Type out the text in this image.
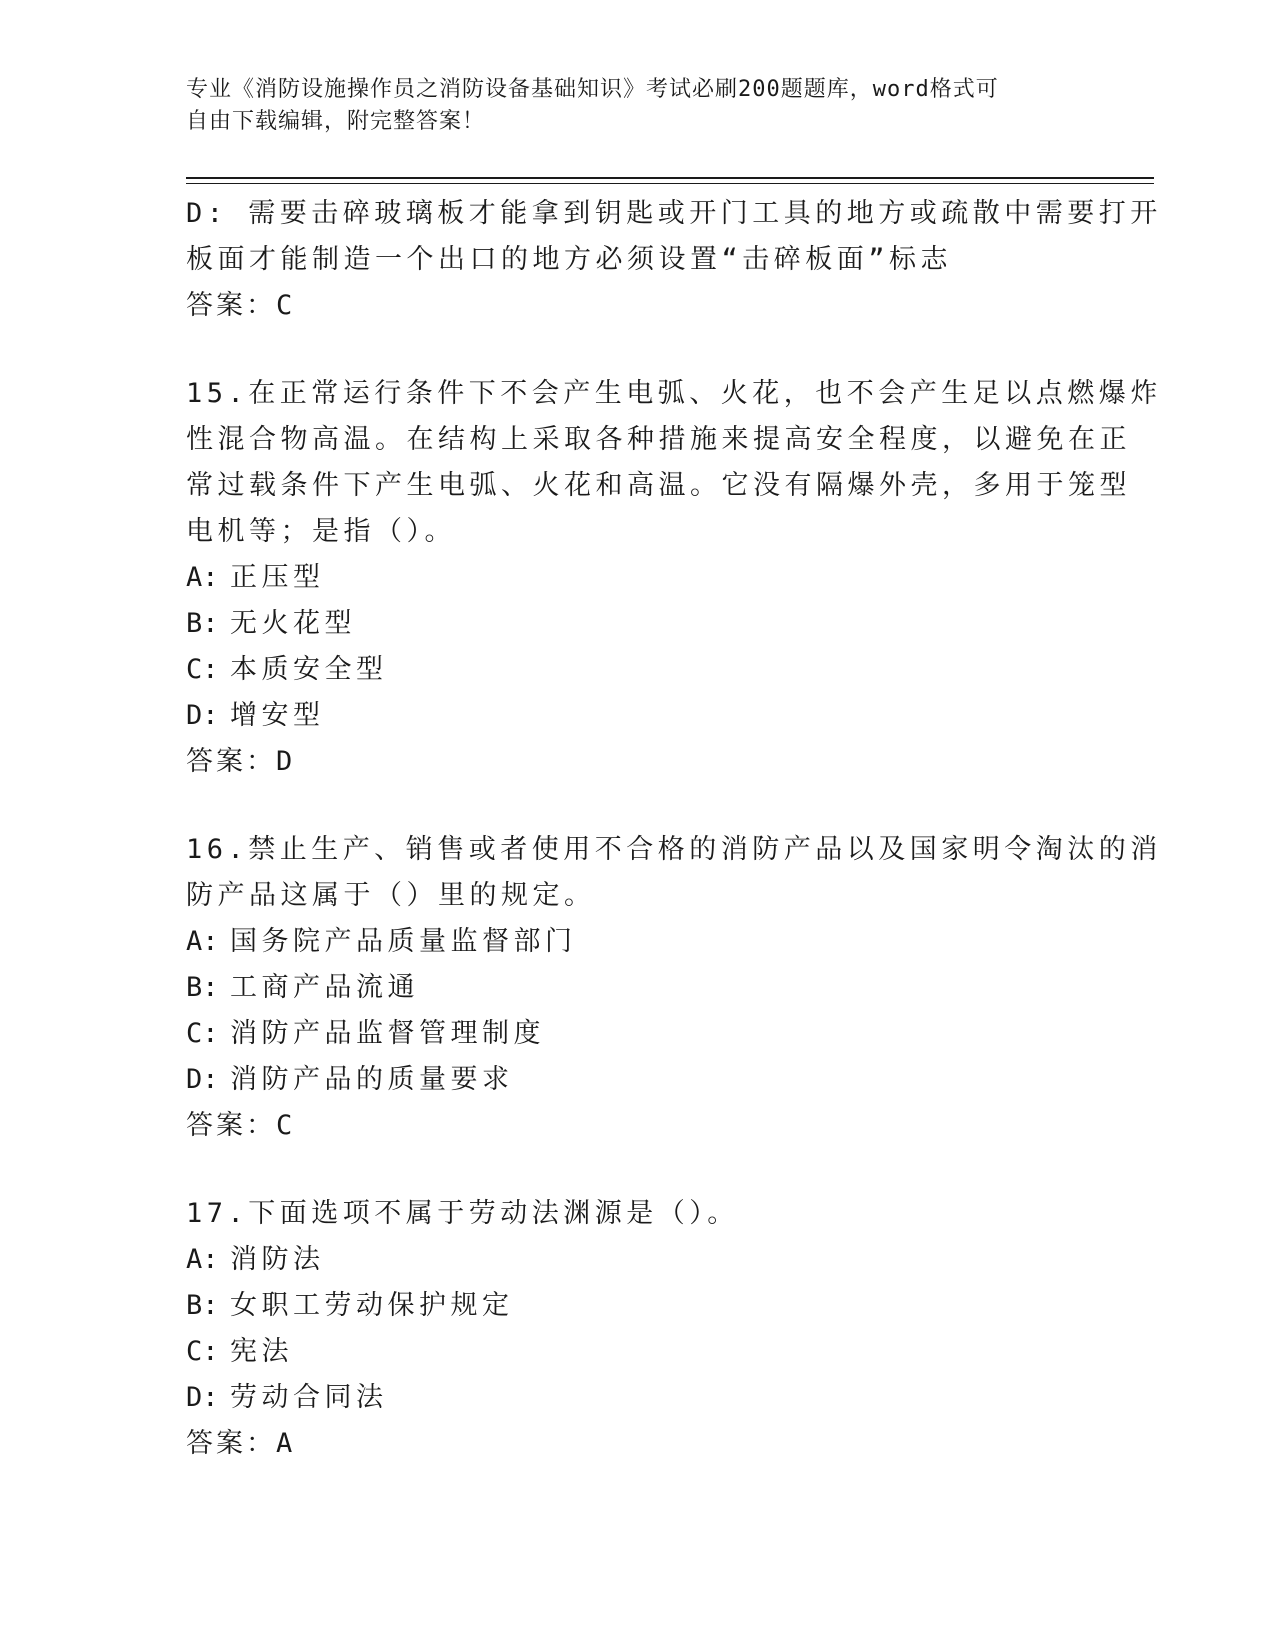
专业《消防设施操作员之消防设备基础知识》考试必刷200题题库，word格式可
自由下载编辑，附完整答案！
D: 需要击碎玻璃板才能拿到钥匙或开门工具的地方或疏散中需要打开
板面才能制造一个出口的地方必须设置“击碎板面”标志
答案：C
15.在正常运行条件下不会产生电弧、火花，也不会产生足以点燃爆炸
性混合物高温。在结构上采取各种措施来提高安全程度，以避免在正
常过载条件下产生电弧、火花和高温。它没有隔爆外壳，多用于笼型
电机等；是指（）。
A: 正压型
B: 无火花型
C: 本质安全型
D: 增安型
答案：D
16.禁止生产、销售或者使用不合格的消防产品以及国家明令淘汰的消
防产品这属于（）里的规定。
A: 国务院产品质量监督部门
B: 工商产品流通
C: 消防产品监督管理制度
D: 消防产品的质量要求
答案：C
17.下面选项不属于劳动法渊源是（）。
A: 消防法
B: 女职工劳动保护规定
C: 宪法
D: 劳动合同法
答案：A
